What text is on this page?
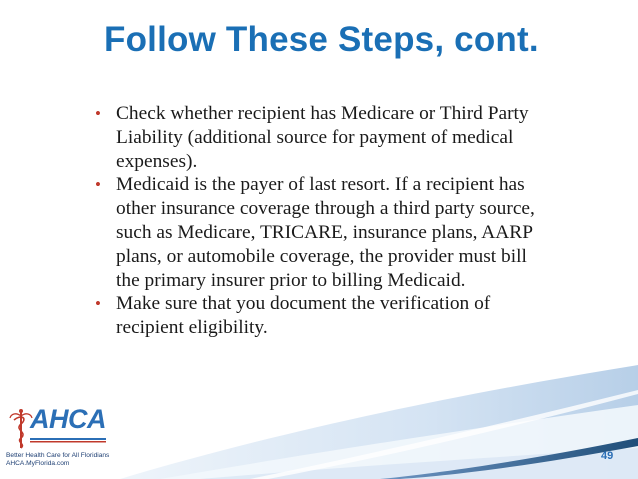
Follow These Steps, cont.
• Check whether recipient has Medicare or Third Party
Liability (additional source for payment of medical
expenses).
• Medicaid is the payer of last resort. If a recipient has
other insurance coverage through a third party source,
such as Medicare, TRICARE, insurance plans, AARP
plans, or automobile coverage, the provider must bill
the primary insurer prior to billing Medicaid.
• Make sure that you document the verification of
recipient eligibility.
AHCA
Better Health Care for All Floridians
AHCA.MyFlorida.com
49
